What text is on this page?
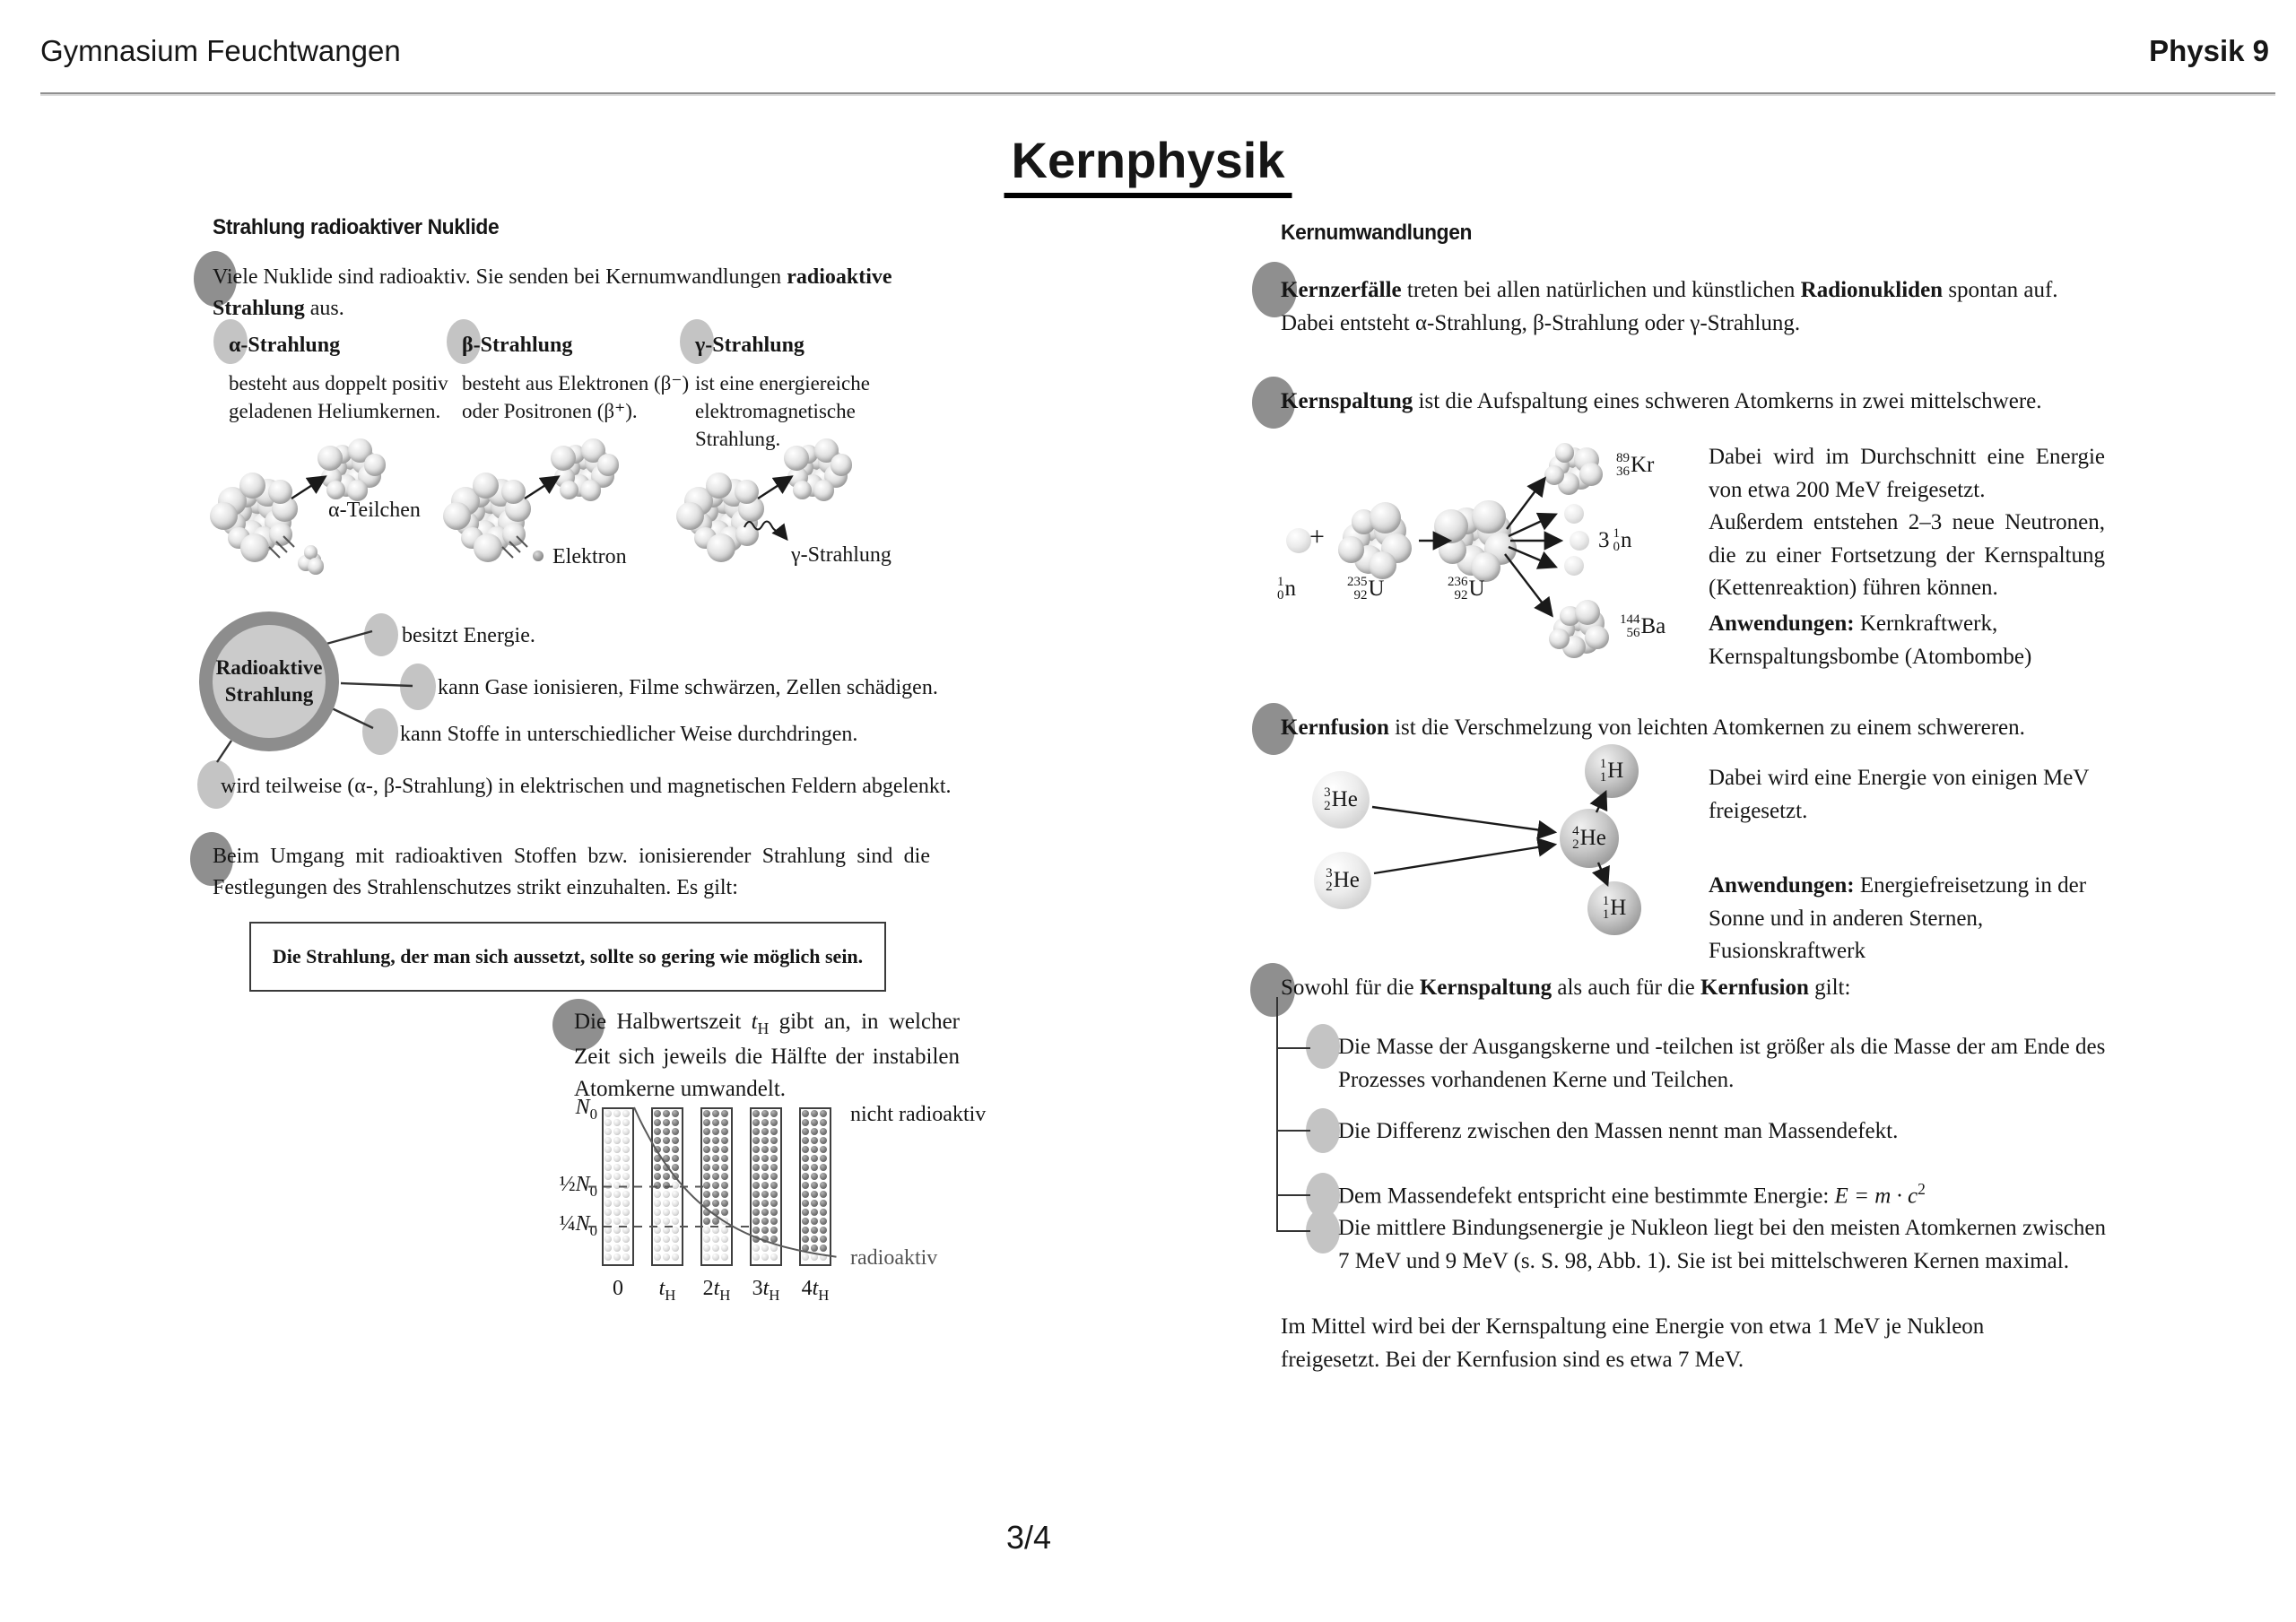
Gymnasium Feuchtwangen	Physik 9
Kernphysik
Strahlung radioaktiver Nuklide
Viele Nuklide sind radioaktiv. Sie senden bei Kernumwandlungen radioaktive Strahlung aus.
α-Strahlung	β-Strahlung	γ-Strahlung
besteht aus doppelt positiv geladenen Heliumkernen.
besteht aus Elektronen (β⁻) oder Positronen (β⁺).
ist eine energiereiche elektromagnetische Strahlung.
α-Teilchen
Elektron	γ-Strahlung
Radioaktive
Strahlung
besitzt Energie.
kann Gase ionisieren, Filme schwärzen, Zellen schädigen.
kann Stoffe in unterschiedlicher Weise durchdringen.
wird teilweise (α-, β-Strahlung) in elektrischen und magnetischen Feldern abgelenkt.
Beim Umgang mit radioaktiven Stoffen bzw. ionisierender Strahlung sind die Festlegungen des Strahlenschutzes strikt einzuhalten. Es gilt:
Die Strahlung, der man sich aussetzt, sollte so gering wie möglich sein.
Die Halbwertszeit $t_H$ gibt an, in welcher Zeit sich jeweils die Hälfte der instabilen Atomkerne umwandelt.
$N_0$
$\frac{1}{2}N_0$
$\frac{1}{4}N_0$
0	$t_H$	$2t_H$	$3t_H$	$4t_H$
nicht radioaktiv
radioaktiv
Kernumwandlungen
Kernzerfälle treten bei allen natürlichen und künstlichen Radionukliden spontan auf. Dabei entsteht α-Strahlung, β-Strahlung oder γ-Strahlung.
Kernspaltung ist die Aufspaltung eines schweren Atomkerns in zwei mittelschwere.
+
1
0 n	235
92 U	236
92 U
89
36 Kr
3 1
0 n
144
56 Ba
Dabei wird im Durchschnitt eine Energie von etwa 200 MeV freigesetzt.
Außerdem entstehen 2–3 neue Neutronen, die zu einer Fortsetzung der Kernspaltung (Kettenreaktion) führen können.
Anwendungen: Kernkraftwerk, Kernspaltungsbombe (Atombombe)
Kernfusion ist die Verschmelzung von leichten Atomkernen zu einem schwereren.
3
2 He
3
2 He
4
2 He
1
1 H
1
1 H
Dabei wird eine Energie von einigen MeV freigesetzt.
Anwendungen: Energiefreisetzung in der Sonne und in anderen Sternen, Fusionskraftwerk
Sowohl für die Kernspaltung als auch für die Kernfusion gilt:
Die Masse der Ausgangskerne und -teilchen ist größer als die Masse der am Ende des Prozesses vorhandenen Kerne und Teilchen.
Die Differenz zwischen den Massen nennt man Massendefekt.
Dem Massendefekt entspricht eine bestimmte Energie: $E = m \cdot c^2$
Die mittlere Bindungsenergie je Nukleon liegt bei den meisten Atomkernen zwischen 7 MeV und 9 MeV (s. S. 98, Abb. 1). Sie ist bei mittelschweren Kernen maximal.
Im Mittel wird bei der Kernspaltung eine Energie von etwa 1 MeV je Nukleon freigesetzt. Bei der Kernfusion sind es etwa 7 MeV.
3/4
